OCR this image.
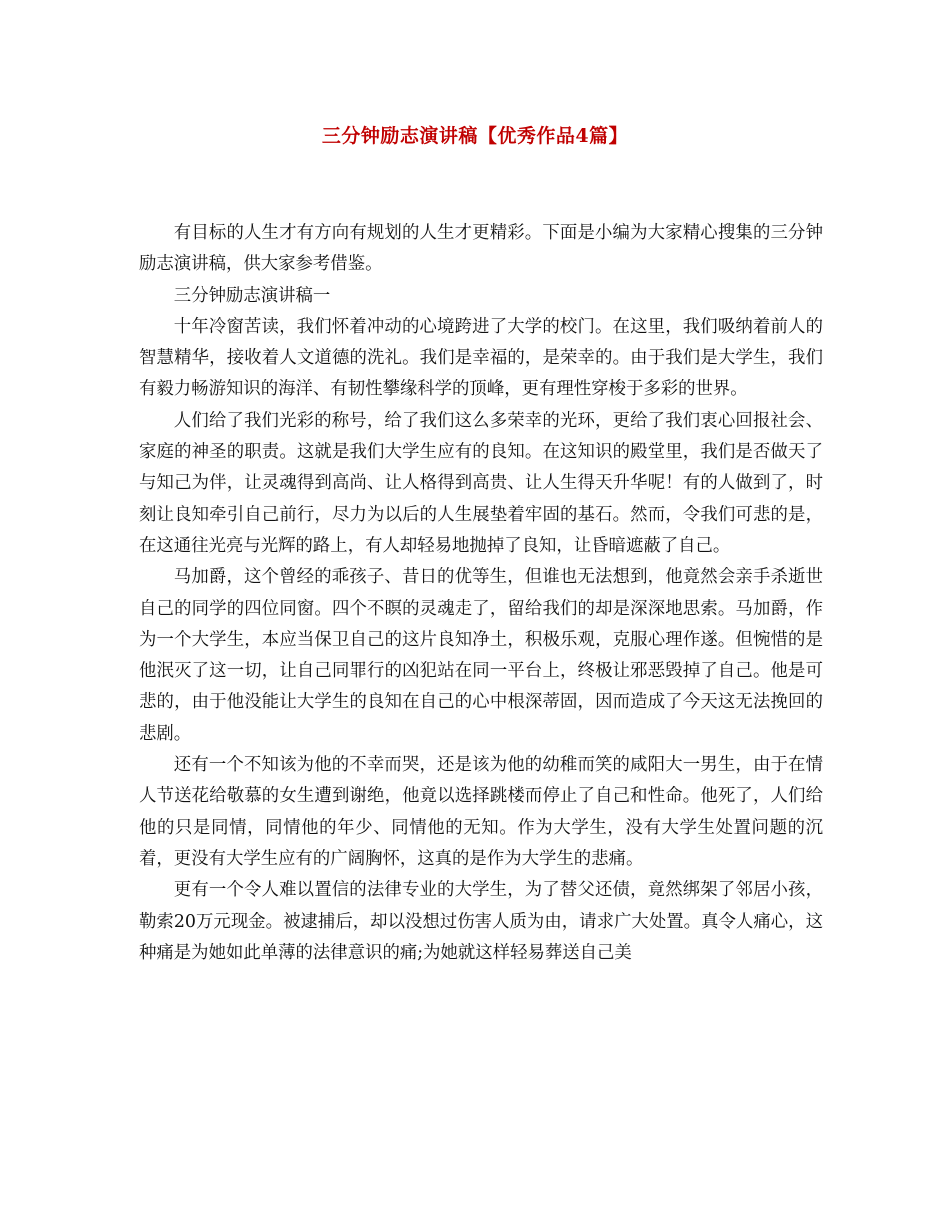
三分钟励志演讲稿【优秀作品4篇】

有目标的人生才有方向有规划的人生才更精彩。下面是小编为大家精心搜集的三分钟励志演讲稿，供大家参考借鉴。

三分钟励志演讲稿一

十年冷窗苦读，我们怀着冲动的心境跨进了大学的校门。在这里，我们吸纳着前人的智慧精华，接收着人文道德的洗礼。我们是幸福的，是荣幸的。由于我们是大学生，我们有毅力畅游知识的海洋、有韧性攀缘科学的顶峰，更有理性穿梭于多彩的世界。

人们给了我们光彩的称号，给了我们这么多荣幸的光环，更给了我们衷心回报社会、家庭的神圣的职责。这就是我们大学生应有的良知。在这知识的殿堂里，我们是否做天了与知己为伴，让灵魂得到高尚、让人格得到高贵、让人生得天升华呢！有的人做到了，时刻让良知牵引自己前行，尽力为以后的人生展垫着牢固的基石。然而，令我们可悲的是，在这通往光亮与光辉的路上，有人却轻易地抛掉了良知，让昏暗遮蔽了自己。

马加爵，这个曾经的乖孩子、昔日的优等生，但谁也无法想到，他竟然会亲手杀逝世自己的同学的四位同窗。四个不瞑的灵魂走了，留给我们的却是深深地思索。马加爵，作为一个大学生，本应当保卫自己的这片良知净土，积极乐观，克服心理作遂。但惋惜的是他泯灭了这一切，让自己同罪行的凶犯站在同一平台上，终极让邪恶毁掉了自己。他是可悲的，由于他没能让大学生的良知在自己的心中根深蒂固，因而造成了今天这无法挽回的悲剧。

还有一个不知该为他的不幸而哭，还是该为他的幼稚而笑的咸阳大一男生，由于在情人节送花给敬慕的女生遭到谢绝，他竟以选择跳楼而停止了自己和性命。他死了，人们给他的只是同情，同情他的年少、同情他的无知。作为大学生，没有大学生处置问题的沉着，更没有大学生应有的广阔胸怀，这真的是作为大学生的悲痛。

更有一个令人难以置信的法律专业的大学生，为了替父还债，竟然绑架了邻居小孩，勒索20万元现金。被逮捕后，却以没想过伤害人质为由，请求广大处置。真令人痛心，这种痛是为她如此单薄的法律意识的痛;为她就这样轻易葬送自己美
